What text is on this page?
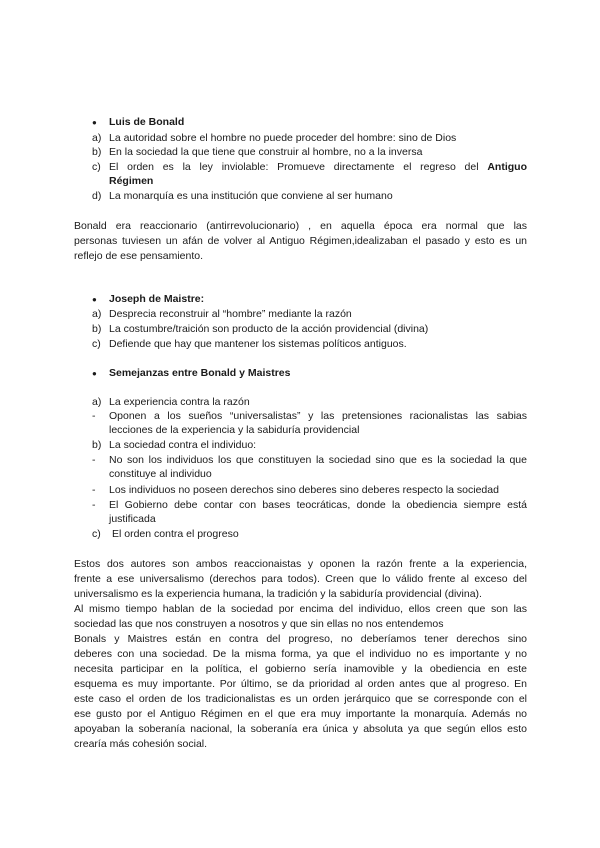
● Luis de Bonald
a) La autoridad sobre el hombre no puede proceder del hombre: sino de Dios
b) En la sociedad la que tiene que construir al hombre, no a la inversa
c) El orden es la ley inviolable: Promueve directamente el regreso del Antiguo
Régimen
d) La monarquía es una institución que conviene al ser humano
Bonald era reaccionario (antirrevolucionario) , en aquella época era normal que las
personas tuviesen un afán de volver al Antiguo Régimen,idealizaban el pasado y esto es un
reflejo de ese pensamiento.
● Joseph de Maistre:
a) Desprecia reconstruir al “hombre” mediante la razón
b) La costumbre/traición son producto de la acción providencial (divina)
c) Defiende que hay que mantener los sistemas políticos antiguos.
● Semejanzas entre Bonald y Maistres
a) La experiencia contra la razón
- Oponen a los sueños “universalistas” y las pretensiones racionalistas las sabias
lecciones de la experiencia y la sabiduría providencial
b) La sociedad contra el individuo:
- No son los individuos los que constituyen la sociedad sino que es la sociedad la que
constituye al individuo
- Los individuos no poseen derechos sino deberes sino deberes respecto la sociedad
- El Gobierno debe contar con bases teocráticas, donde la obediencia siempre está
justificada
c) El orden contra el progreso
Estos dos autores son ambos reaccionaistas y oponen la razón frente a la experiencia,
frente a ese universalismo (derechos para todos). Creen que lo válido frente al exceso del
universalismo es la experiencia humana, la tradición y la sabiduría providencial (divina).
Al mismo tiempo hablan de la sociedad por encima del individuo, ellos creen que son las
sociedad las que nos construyen a nosotros y que sin ellas no nos entendemos
Bonals y Maistres están en contra del progreso, no deberíamos tener derechos sino
deberes con una sociedad. De la misma forma, ya que el individuo no es importante y no
necesita participar en la política, el gobierno sería inamovible y la obediencia en este
esquema es muy importante. Por último, se da prioridad al orden antes que al progreso. En
este caso el orden de los tradicionalistas es un orden jerárquico que se corresponde con el
ese gusto por el Antiguo Régimen en el que era muy importante la monarquía. Además no
apoyaban la soberanía nacional, la soberanía era única y absoluta ya que según ellos esto
crearía más cohesión social.
